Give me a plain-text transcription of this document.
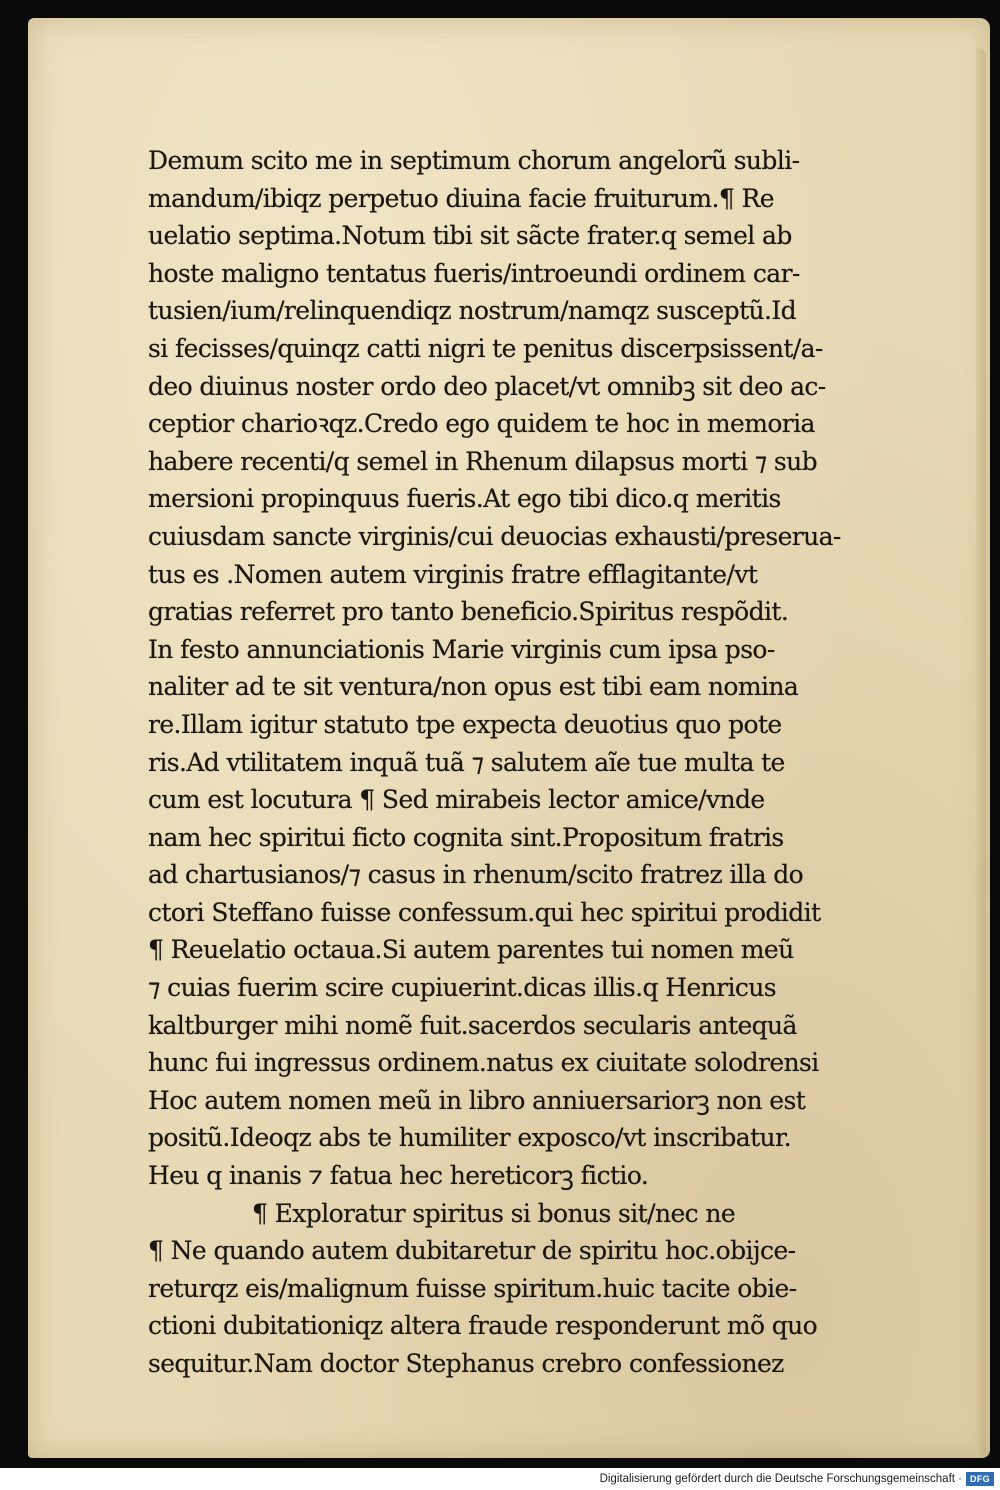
Demum scito me in septimum chorum angelorũ subli-
mandum/ibiqz perpetuo diuina facie fruiturum.¶ Re
uelatio septima.Notum tibi sit sãcte frater.q semel ab
hoste maligno tentatus fueris/introeundi ordinem car-
tusien/ium/relinquendiqz nostrum/namqz susceptũ.Id
si fecisses/quinqz catti nigri te penitus discerpsissent/a-
deo diuinus noster ordo deo placet/vt omnibꝫ sit deo ac-
ceptior charioꝛqz.Credo ego quidem te hoc in memoria
habere recenti/q semel in Rhenum dilapsus morti ⁊ sub
mersioni propinquus fueris.At ego tibi dico.q meritis
cuiusdam sancte virginis/cui deuocias exhausti/preserua-
tus es .Nomen autem virginis fratre efflagitante/vt
gratias referret pro tanto beneficio.Spiritus respõdit.
In festo annunciationis Marie virginis cum ipsa pso-
naliter ad te sit ventura/non opus est tibi eam nomina
re.Illam igitur statuto tpe expecta deuotius quo pote
ris.Ad vtilitatem inquã tuã ⁊ salutem aĩe tue multa te
cum est locutura ¶ Sed mirabeis lector amice/vnde
nam hec spiritui ficto cognita sint.Propositum fratris
ad chartusianos/⁊ casus in rhenum/scito fratrez illa do
ctori Steffano fuisse confessum.qui hec spiritui prodidit
¶ Reuelatio octaua.Si autem parentes tui nomen meũ
⁊ cuias fuerim scire cupiuerint.dicas illis.q Henricus
kaltburger mihi nomẽ fuit.sacerdos secularis antequã
hunc fui ingressus ordinem.natus ex ciuitate solodrensi
Hoc autem nomen meũ in libro anniuersariorꝫ non est
positũ.Ideoqz abs te humiliter exposco/vt inscribatur.
Heu q inanis ⁊ fatua hec hereticorꝫ fictio.
¶ Exploratur spiritus si bonus sit/nec ne
¶ Ne quando autem dubitaretur de spiritu hoc.obijce-
returqz eis/malignum fuisse spiritum.huic tacite obie-
ctioni dubitationiqz altera fraude responderunt mõ quo
sequitur.Nam doctor Stephanus crebro confessionez
Digitalisierung gefördert durch die Deutsche Forschungsgemeinschaft · DFG
